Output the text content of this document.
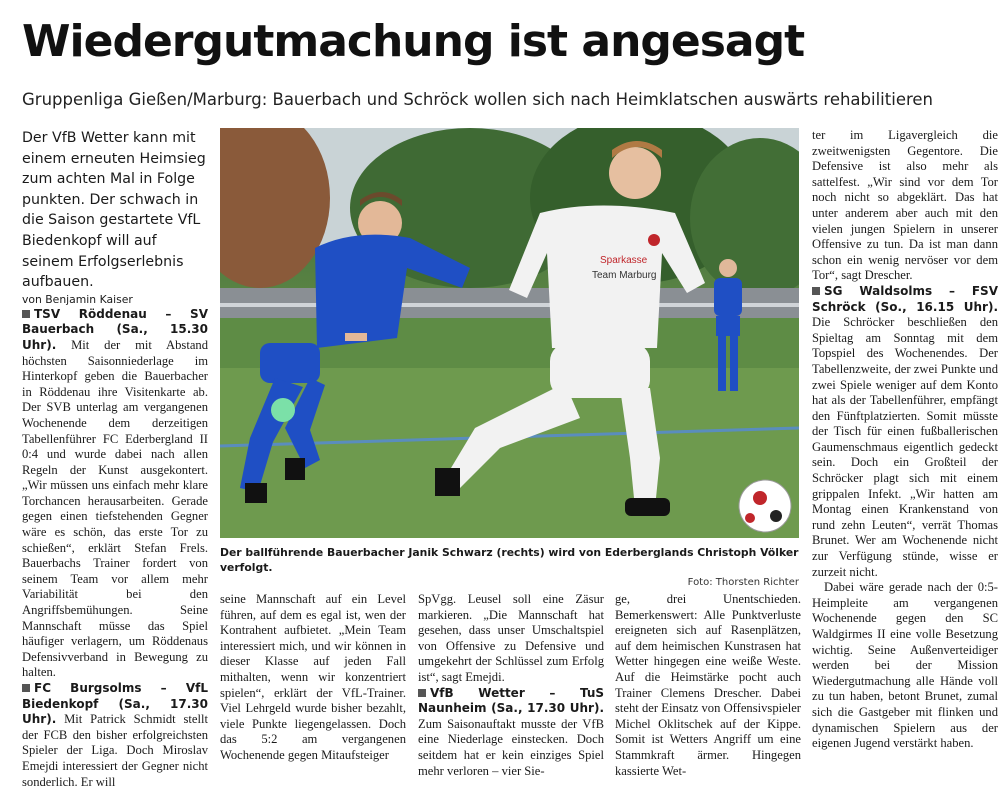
Wiedergutmachung ist angesagt
Gruppenliga Gießen/Marburg: Bauerbach und Schröck wollen sich nach Heimklatschen auswärts rehabilitieren

Der VfB Wetter kann mit einem erneuten Heimsieg zum achten Mal in Folge punkten. Der schwach in die Saison gestartete VfL Biedenkopf will auf seinem Erfolgserlebnis aufbauen.

von Benjamin Kaiser

TSV Röddenau – SV Bauerbach (Sa., 15.30 Uhr). Mit der mit Abstand höchsten Saisonniederlage im Hinterkopf geben die Bauerbacher in Röddenau ihre Visitenkarte ab. Der SVB unterlag am vergangenen Wochenende dem derzeitigen Tabellenführer FC Ederbergland II 0:4 und wurde dabei nach allen Regeln der Kunst ausgekontert. „Wir müssen uns einfach mehr klare Torchancen herausarbeiten. Gerade gegen einen tiefstehenden Gegner wäre es schön, das erste Tor zu schießen“, erklärt Stefan Frels. Bauerbachs Trainer fordert von seinem Team vor allem mehr Variabilität bei den Angriffsbemühungen. Seine Mannschaft müsse das Spiel häufiger verlagern, um Röddenaus Defensivverband in Bewegung zu halten.

FC Burgsolms – VfL Biedenkopf (Sa., 17.30 Uhr). Mit Patrick Schmidt stellt der FCB den bisher erfolgreichsten Spieler der Liga. Doch Miroslav Emejdi interessiert der Gegner nicht sonderlich. Er will

Sparkasse
Team Marburg
Der ballführende Bauerbacher Janik Schwarz (rechts) wird von Ederberglands Christoph Völker verfolgt.
Foto: Thorsten Richter

seine Mannschaft auf ein Level führen, auf dem es egal ist, wen der Kontrahent aufbietet. „Mein Team interessiert mich, und wir können in dieser Klasse auf jeden Fall mithalten, wenn wir konzentriert spielen“, erklärt der VfL-Trainer. Viel Lehrgeld wurde bisher bezahlt, viele Punkte liegengelassen. Doch das 5:2 am vergangenen Wochenende gegen Mitaufsteiger

SpVgg. Leusel soll eine Zäsur markieren. „Die Mannschaft hat gesehen, dass unser Umschaltspiel von Offensive zu Defensive und umgekehrt der Schlüssel zum Erfolg ist“, sagt Emejdi.

VfB Wetter – TuS Naunheim (Sa., 17.30 Uhr). Zum Saisonauftakt musste der VfB eine Niederlage einstecken. Doch seitdem hat er kein einziges Spiel mehr verloren – vier Sie-

ge, drei Unentschieden. Bemerkenswert: Alle Punktverluste ereigneten sich auf Rasenplätzen, auf dem heimischen Kunstrasen hat Wetter hingegen eine weiße Weste. Auf die Heimstärke pocht auch Trainer Clemens Drescher. Dabei steht der Einsatz von Offensivspieler Michel Oklitschek auf der Kippe. Somit ist Wetters Angriff um eine Stammkraft ärmer. Hingegen kassierte Wet-

ter im Ligavergleich die zweitwenigsten Gegentore. Die Defensive ist also mehr als sattelfest. „Wir sind vor dem Tor noch nicht so abgeklärt. Das hat unter anderem aber auch mit den vielen jungen Spielern in unserer Offensive zu tun. Da ist man dann schon ein wenig nervöser vor dem Tor“, sagt Drescher.

SG Waldsolms – FSV Schröck (So., 16.15 Uhr). Die Schröcker beschließen den Spieltag am Sonntag mit dem Topspiel des Wochenendes. Der Tabellenzweite, der zwei Punkte und zwei Spiele weniger auf dem Konto hat als der Tabellenführer, empfängt den Fünftplatzierten. Somit müsste der Tisch für einen fußballerischen Gaumenschmaus eigentlich gedeckt sein. Doch ein Großteil der Schröcker plagt sich mit einem grippalen Infekt. „Wir hatten am Montag einen Krankenstand von rund zehn Leuten“, verrät Thomas Brunet. Wer am Wochenende nicht zur Verfügung stünde, wisse er zurzeit nicht.

Dabei wäre gerade nach der 0:5-Heimpleite am vergangenen Wochenende gegen den SC Waldgirmes II eine volle Besetzung wichtig. Seine Außenverteidiger werden bei der Mission Wiedergutmachung alle Hände voll zu tun haben, betont Brunet, zumal sich die Gastgeber mit flinken und dynamischen Spielern aus der eigenen Jugend verstärkt haben.
